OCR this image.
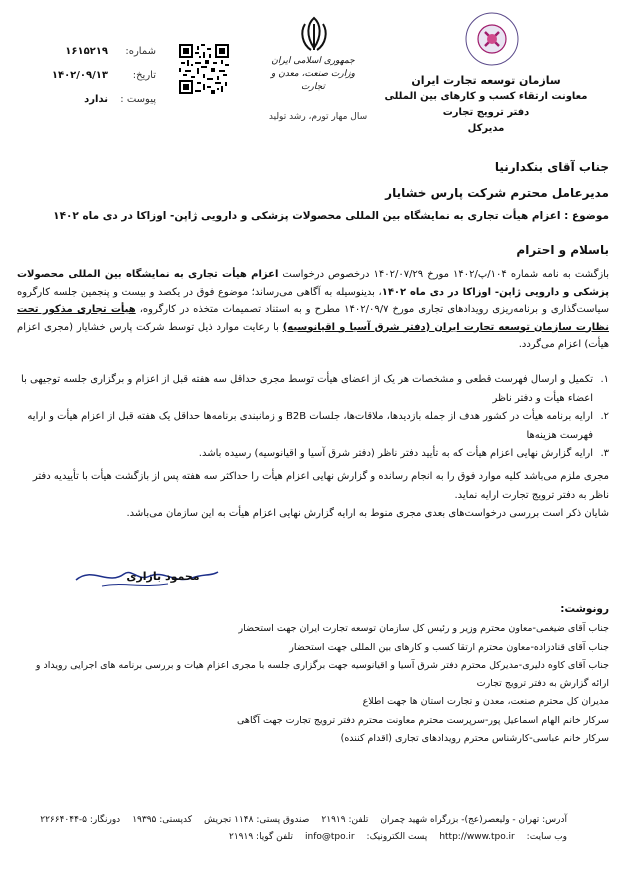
سازمان توسعه تجارت ایران
معاونت ارتقاء کسب و کارهای بین المللی
دفتر ترویج تجارت
مدیرکل
جمهوری اسلامی ایران
وزارت صنعت، معدن و تجارت
سال مهار تورم، رشد تولید
شماره:
۱۶۱۵۲۱۹
تاریخ:
۱۴۰۲/۰۹/۱۳
پیوست :
ندارد
جناب آقای بنکدارنیا
مدیرعامل محترم شرکت پارس خشایار
موضوع : اعزام هیأت تجاری به نمایشگاه بین المللی محصولات پزشکی و دارویی ژاپن- اوزاکا در دی ماه ۱۴۰۲
باسلام و احترام
بازگشت به نامه شماره ۱۰۴/پ/۱۴۰۲ مورخ ۱۴۰۲/۰۷/۲۹ درخصوص درخواست اعزام هیأت تجاری به نمایشگاه بین المللی محصولات پزشکی و دارویی ژاپن- اوزاکا در دی ماه ۱۴۰۲، بدینوسیله به آگاهی می‌رساند؛ موضوع فوق در یکصد و بیست و پنجمین جلسه کارگروه سیاست‌گذاری و برنامه‌ریزی رویدادهای تجاری مورخ ۱۴۰۲/۰۹/۷ مطرح و به استناد تصمیمات متخذه در کارگروه، هیأت تجاری مذکور تحت نظارت سازمان توسعه تجارت ایران (دفتر شرق آسیا و اقیانوسیه) با رعایت موارد ذیل توسط شرکت پارس خشایار (مجری اعزام هیأت) اعزام می‌گردد.
۱.
تکمیل و ارسال فهرست قطعی و مشخصات هر یک از اعضای هیأت توسط مجری حداقل سه هفته قبل از اعزام و برگزاری جلسه توجیهی با اعضاء هیأت و دفتر ناظر
۲.
ارایه برنامه هیأت در کشور هدف از جمله بازدیدها، ملاقات‌ها، جلسات B2B و زمانبندی برنامه‌ها حداقل یک هفته قبل از اعزام هیأت و ارایه فهرست هزینه‌ها
۳.
ارایه گزارش نهایی اعزام هیأت که به تأیید دفتر ناظر (دفتر شرق آسیا و اقیانوسیه) رسیده باشد.
مجری ملزم می‌باشد کلیه موارد فوق را به انجام رسانده و گزارش نهایی اعزام هیأت را حداکثر سه هفته پس از بازگشت هیأت با تأییدیه دفتر ناظر به دفتر ترویج تجارت ارایه نماید.
شایان ذکر است بررسی درخواست‌های بعدی مجری منوط به ارایه گزارش نهایی اعزام هیأت به این سازمان می‌باشد.
محمود بازاری
رونوشت:
جناب آقای ضیغمی-معاون محترم وزیر و رئیس کل سازمان توسعه تجارت ایران جهت استحضار
جناب آقای قنادزاده-معاون محترم ارتقا کسب و کارهای بین المللی جهت استحضار
جناب آقای کاوه دلیری-مدیرکل محترم دفتر شرق آسیا و اقیانوسیه جهت برگزاری جلسه با مجری اعزام هیات و بررسی برنامه های اجرایی رویداد و ارائه گزارش به دفتر ترویج تجارت
مدیران کل محترم صنعت، معدن و تجارت استان ها جهت اطلاع
سرکار خانم الهام اسماعیل پور-سرپرست محترم معاونت محترم دفتر ترویج تجارت جهت آگاهی
سرکار خانم عباسی-کارشناس محترم رویدادهای تجاری (اقدام کننده)
آدرس: تهران - ولیعصر(عج)- بزرگراه شهید چمران
تلفن: ۲۱۹۱۹
صندوق پستی: ۱۱۴۸ تجریش
کدپستی: ۱۹۳۹۵
دورنگار: ۵-۲۲۶۶۴۰۴۴
وب سایت:
http://www.tpo.ir
پست الکترونیک:
info@tpo.ir
تلفن گویا: ۲۱۹۱۹
